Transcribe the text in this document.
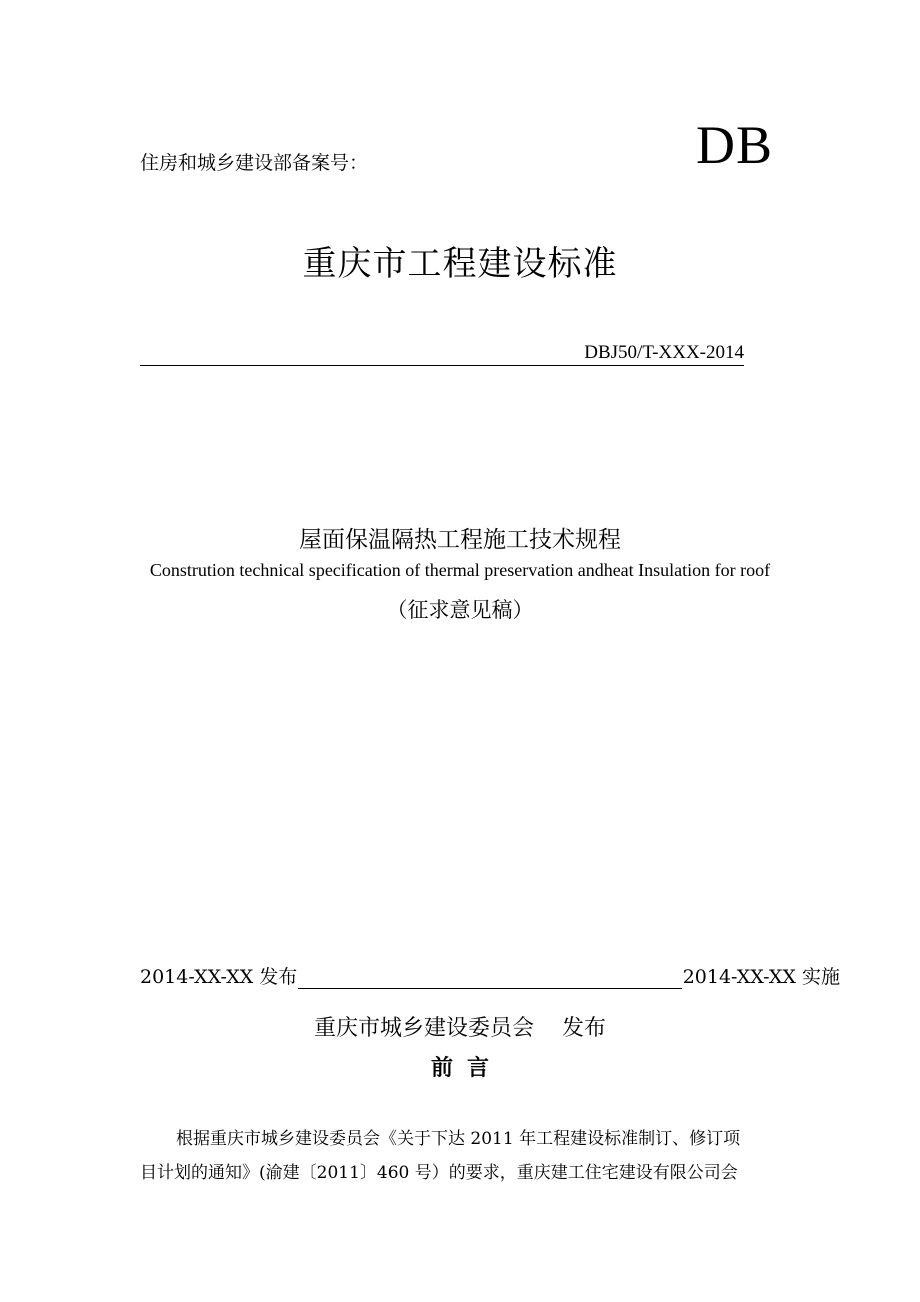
住房和城乡建设部备案号：	DB
重庆市工程建设标准
DBJ50/T-XXX-2014
屋面保温隔热工程施工技术规程
Constrution technical specification of thermal preservation andheat Insulation for roof
（征求意见稿）
2014-XX-XX 发布	2014-XX-XX 实施
重庆市城乡建设委员会 发布
前言
根据重庆市城乡建设委员会《关于下达 2011 年工程建设标准制订、修订项
目计划的通知》(渝建〔2011〕460 号）的要求，重庆建工住宅建设有限公司会
